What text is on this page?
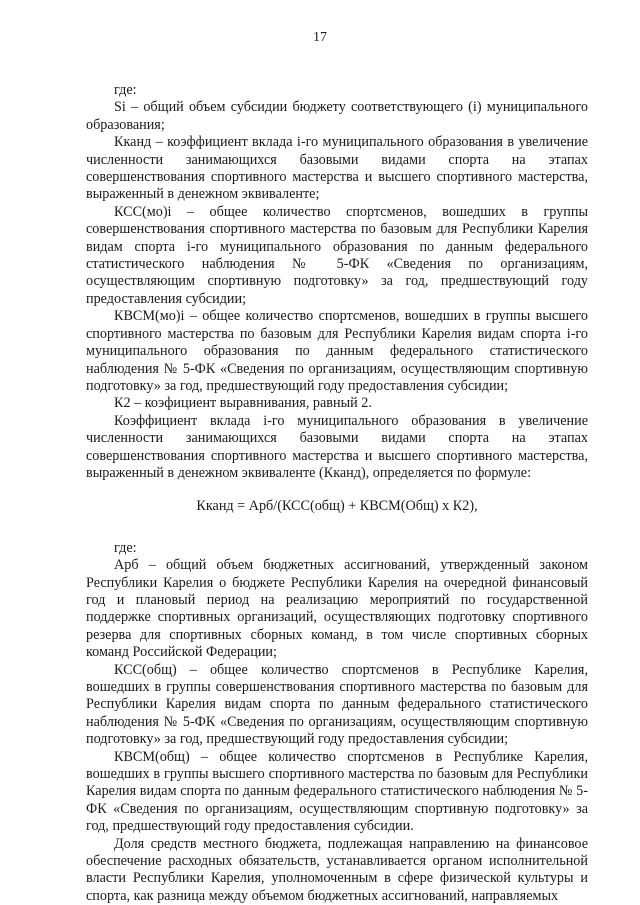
17

где:

Si – общий объем субсидии бюджету соответствующего (i) муниципального образования;

Кканд – коэффициент вклада i-го муниципального образования в увеличение численности занимающихся базовыми видами спорта на этапах совершенствования спортивного мастерства и высшего спортивного мастерства, выраженный в денежном эквиваленте;

КСС(мо)i – общее количество спортсменов, вошедших в группы совершенствования спортивного мастерства по базовым для Республики Карелия видам спорта i-го муниципального образования по данным федерального статистического наблюдения № 5-ФК «Сведения по организациям, осуществляющим спортивную подготовку» за год, предшествующий году предоставления субсидии;

КВСМ(мо)i – общее количество спортсменов, вошедших в группы высшего спортивного мастерства по базовым для Республики Карелия видам спорта i-го муниципального образования по данным федерального статистического наблюдения № 5-ФК «Сведения по организациям, осуществляющим спортивную подготовку» за год, предшествующий году предоставления субсидии;

К2 – коэфициент выравнивания, равный 2.

Коэффициент вклада i-го муниципального образования в увеличение численности занимающихся базовыми видами спорта на этапах совершенствования спортивного мастерства и высшего спортивного мастерства, выраженный в денежном эквиваленте (Кканд), определяется по формуле:

Кканд = Арб/(КСС(общ) + КВСМ(Общ) х К2),

где:

Арб – общий объем бюджетных ассигнований, утвержденный законом Республики Карелия о бюджете Республики Карелия на очередной финансовый год и плановый период на реализацию мероприятий по государственной поддержке спортивных организаций, осуществляющих подготовку спортивного резерва для спортивных сборных команд, в том числе спортивных сборных команд Российской Федерации;

КСС(общ) – общее количество спортсменов в Республике Карелия, вошедших в группы совершенствования спортивного мастерства по базовым для Республики Карелия видам спорта по данным федерального статистического наблюдения № 5-ФК «Сведения по организациям, осуществляющим спортивную подготовку» за год, предшествующий году предоставления субсидии;

КВСМ(общ) – общее количество спортсменов в Республике Карелия, вошедших в группы высшего спортивного мастерства по базовым для Республики Карелия видам спорта по данным федерального статистического наблюдения № 5-ФК «Сведения по организациям, осуществляющим спортивную подготовку» за год, предшествующий году предоставления субсидии.

Доля средств местного бюджета, подлежащая направлению на финансовое обеспечение расходных обязательств, устанавливается органом исполнительной власти Республики Карелия, уполномоченным в сфере физической культуры и спорта, как разница между объемом бюджетных ассигнований, направляемых
